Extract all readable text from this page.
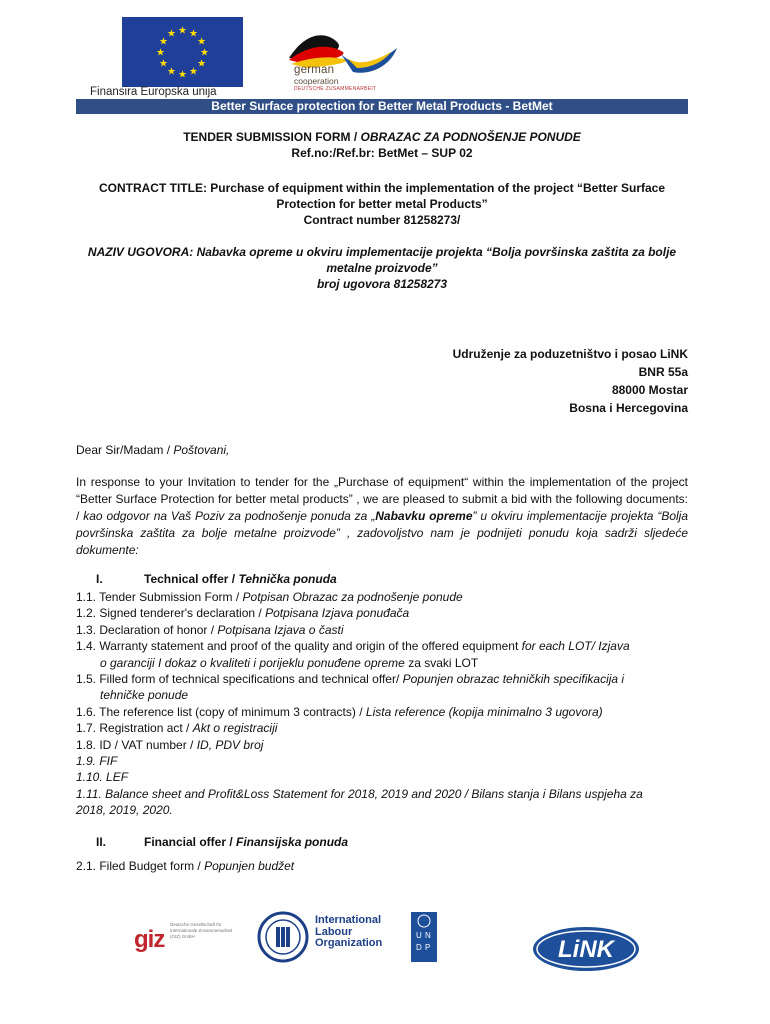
★ ★
★
★
★
★
★
★
★
★
★
★
Finansira Europska unija
german
cooperation
DEUTSCHE ZUSAMMENARBEIT
Better Surface protection for Better Metal Products - BetMet
TENDER SUBMISSION FORM / OBRAZAC ZA PODNOŠENJE PONUDE
Ref.no:/Ref.br: BetMet – SUP 02
CONTRACT TITLE: Purchase of equipment within the implementation of the project “Better Surface
Protection for better metal Products”
Contract number 81258273/
NAZIV UGOVORA: Nabavka opreme u okviru implementacije projekta “Bolja površinska zaštita za bolje
metalne proizvode”
broj ugovora 81258273
Udruženje za poduzetništvo i posao LiNK
BNR 55a
88000 Mostar
Bosna i Hercegovina
Dear Sir/Madam / Poštovani,
In response to your Invitation to tender for the „Purchase of equipment“ within the implementation of the project “Better Surface Protection for better metal products” , we are pleased to submit a bid with the following documents: / kao odgovor na Vaš Poziv za podnošenje ponuda za „Nabavku opreme” u okviru implementacije projekta “Bolja površinska zaštita za bolje metalne proizvode” , zadovoljstvo nam je podnijeti ponudu koja sadrži sljedeće dokumente:
I.	Technical offer / Tehnička ponuda
1.1. Tender Submission Form / Potpisan Obrazac za podnošenje ponude
1.2. Signed tenderer's declaration / Potpisana Izjava ponuđača
1.3. Declaration of honor / Potpisana Izjava o časti
1.4. Warranty statement and proof of the quality and origin of the offered equipment for each LOT/ Izjava
o garanciji I dokaz o kvaliteti i porijeklu ponuđene opreme za svaki LOT
1.5. Filled form of technical specifications and technical offer/ Popunjen obrazac tehničkih specifikacija i
tehničke ponude
1.6. The reference list (copy of minimum 3 contracts) / Lista reference (kopija minimalno 3 ugovora)
1.7. Registration act / Akt o registraciji
1.8. ID / VAT number / ID, PDV broj
1.9. FIF
1.10. LEF
1.11. Balance sheet and Profit&Loss Statement for 2018, 2019 and 2020 / Bilans stanja i Bilans uspjeha za
2018, 2019, 2020.
II.	Financial offer / Finansijska ponuda
2.1. Filed Budget form / Popunjen budžet
giz
Deutsche Gesellschaft für Internationale Zusammenarbeit (GIZ) GmbH
International
Labour
Organization
U N
D P	LiNK
